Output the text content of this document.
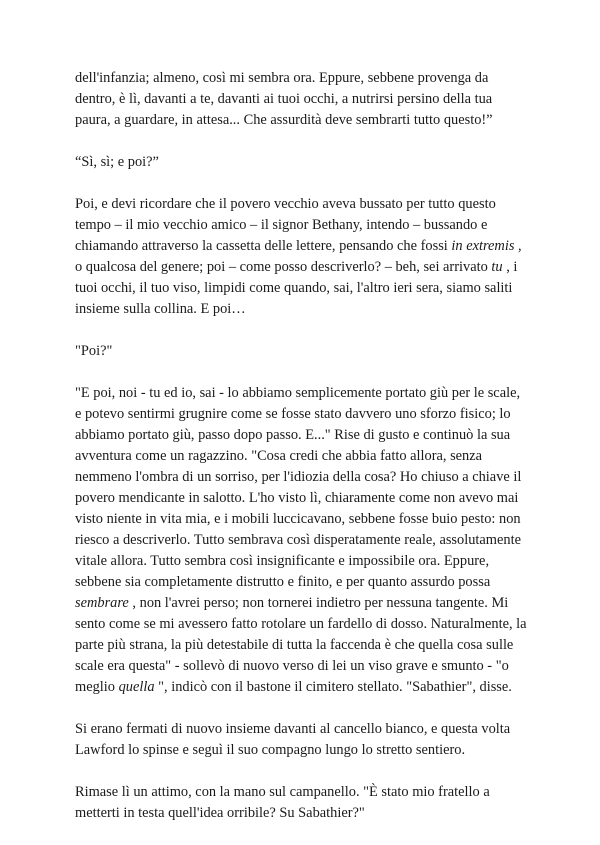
dell'infanzia; almeno, così mi sembra ora. Eppure, sebbene provenga da dentro, è lì, davanti a te, davanti ai tuoi occhi, a nutrirsi persino della tua paura, a guardare, in attesa... Che assurdità deve sembrarti tutto questo!”

“Sì, sì; e poi?”

Poi, e devi ricordare che il povero vecchio aveva bussato per tutto questo tempo – il mio vecchio amico – il signor Bethany, intendo – bussando e chiamando attraverso la cassetta delle lettere, pensando che fossi in extremis , o qualcosa del genere; poi – come posso descriverlo? – beh, sei arrivato tu , i tuoi occhi, il tuo viso, limpidi come quando, sai, l'altro ieri sera, siamo saliti insieme sulla collina. E poi…

"Poi?"

"E poi, noi - tu ed io, sai - lo abbiamo semplicemente portato giù per le scale, e potevo sentirmi grugnire come se fosse stato davvero uno sforzo fisico; lo abbiamo portato giù, passo dopo passo. E..." Rise di gusto e continuò la sua avventura come un ragazzino. "Cosa credi che abbia fatto allora, senza nemmeno l'ombra di un sorriso, per l'idiozia della cosa? Ho chiuso a chiave il povero mendicante in salotto. L'ho visto lì, chiaramente come non avevo mai visto niente in vita mia, e i mobili luccicavano, sebbene fosse buio pesto: non riesco a descriverlo. Tutto sembrava così disperatamente reale, assolutamente vitale allora. Tutto sembra così insignificante e impossibile ora. Eppure, sebbene sia completamente distrutto e finito, e per quanto assurdo possa sembrare , non l'avrei perso; non tornerei indietro per nessuna tangente. Mi sento come se mi avessero fatto rotolare un fardello di dosso. Naturalmente, la parte più strana, la più detestabile di tutta la faccenda è che quella cosa sulle scale era questa" - sollevò di nuovo verso di lei un viso grave e smunto - "o meglio quella ", indicò con il bastone il cimitero stellato. "Sabathier", disse.

Si erano fermati di nuovo insieme davanti al cancello bianco, e questa volta Lawford lo spinse e seguì il suo compagno lungo lo stretto sentiero.

Rimase lì un attimo, con la mano sul campanello. "È stato mio fratello a metterti in testa quell'idea orribile? Su Sabathier?"
